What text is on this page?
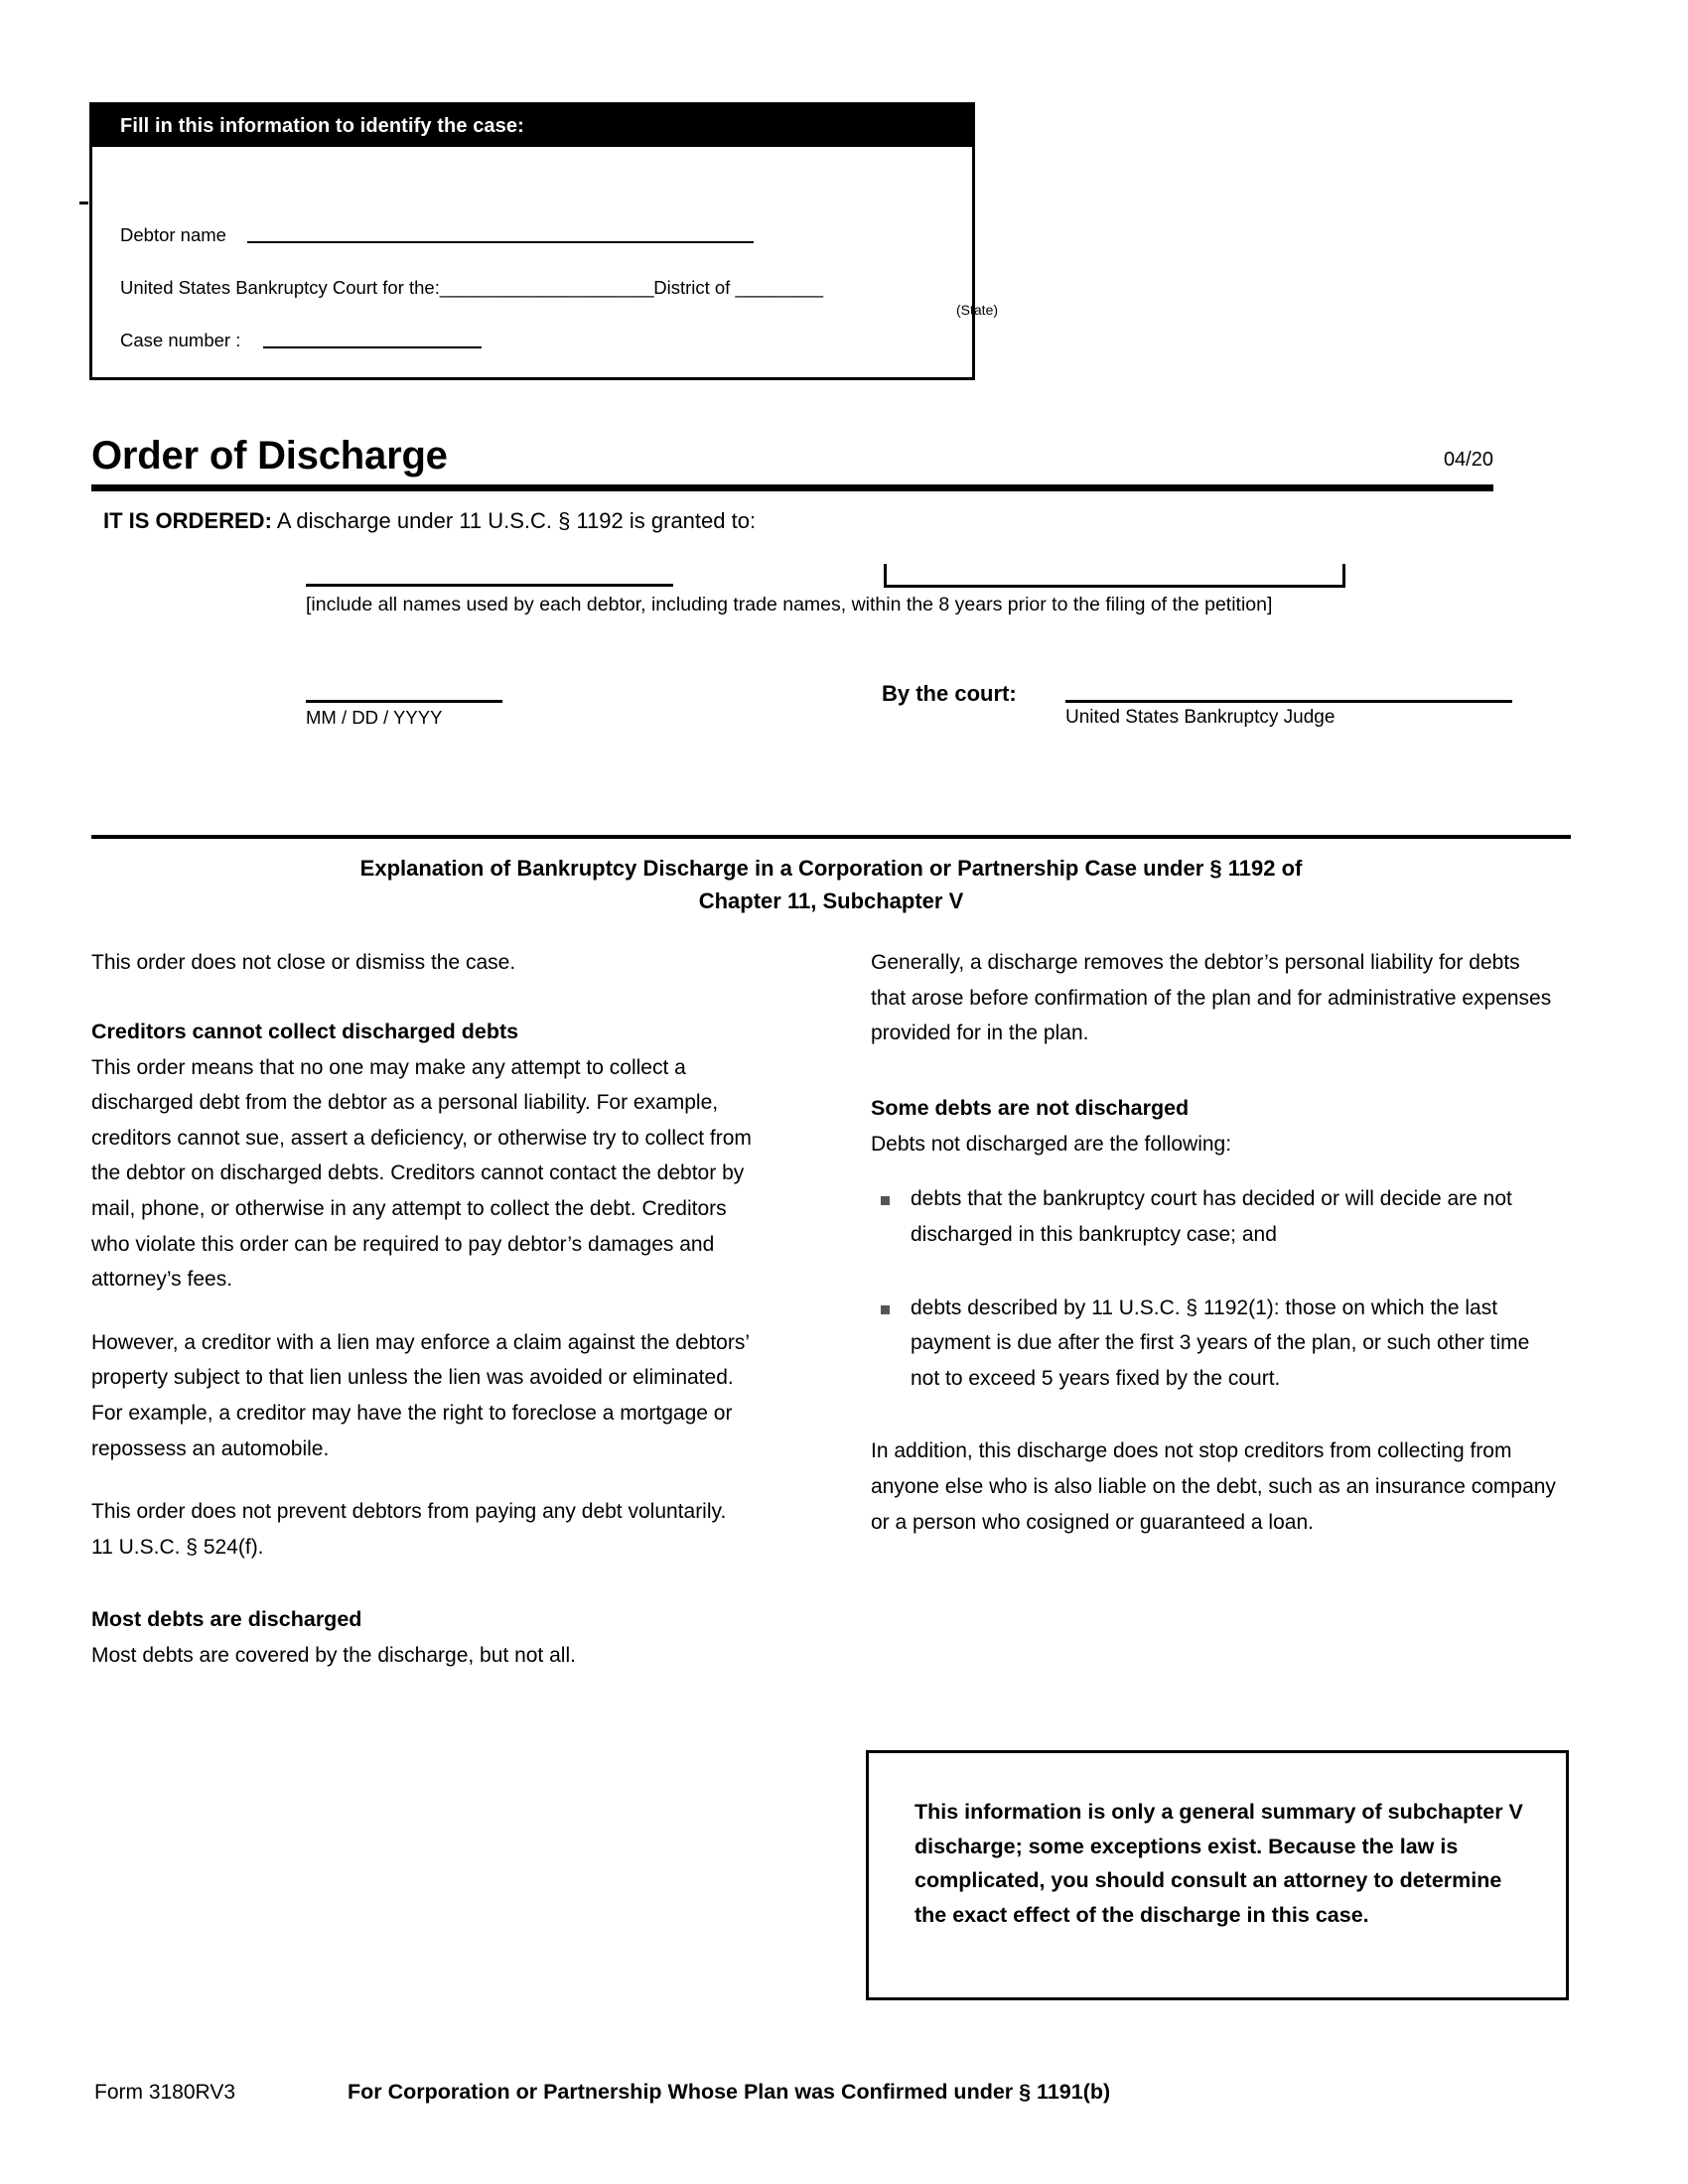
Fill in this information to identify the case:
Debtor name
United States Bankruptcy Court for the:______________________District of _________
(State)
Case number :
Order of Discharge	04/20
IT IS ORDERED: A discharge under 11 U.S.C. § 1192 is granted to:
[include all names used by each debtor, including trade names, within the 8 years prior to the filing of the petition]
MM / DD / YYYY
By the court:
United States Bankruptcy Judge
Explanation of Bankruptcy Discharge in a Corporation or Partnership Case under § 1192 of
Chapter 11, Subchapter V

This order does not close or dismiss the case.

Creditors cannot collect discharged debts

This order means that no one may make any attempt to collect a discharged debt from the debtor as a personal liability. For example, creditors cannot sue, assert a deficiency, or otherwise try to collect from the debtor on discharged debts. Creditors cannot contact the debtor by mail, phone, or otherwise in any attempt to collect the debt. Creditors who violate this order can be required to pay debtor’s damages and attorney’s fees.

However, a creditor with a lien may enforce a claim against the debtors’ property subject to that lien unless the lien was avoided or eliminated. For example, a creditor may have the right to foreclose a mortgage or repossess an automobile.

This order does not prevent debtors from paying any debt voluntarily. 11 U.S.C. § 524(f).

Most debts are discharged

Most debts are covered by the discharge, but not all.

Generally, a discharge removes the debtor’s personal liability for debts that arose before confirmation of the plan and for administrative expenses provided for in the plan.

Some debts are not discharged

Debts not discharged are the following:

debts that the bankruptcy court has decided or will decide are not discharged in this bankruptcy case; and
debts described by 11 U.S.C. § 1192(1): those on which the last payment is due after the first 3 years of the plan, or such other time not to exceed 5 years fixed by the court.

In addition, this discharge does not stop creditors from collecting from anyone else who is also liable on the debt, such as an insurance company or a person who cosigned or guaranteed a loan.

This information is only a general summary of subchapter V discharge; some exceptions exist. Because the law is complicated, you should consult an attorney to determine the exact effect of the discharge in this case.
Form 3180RV3	For Corporation or Partnership Whose Plan was Confirmed under § 1191(b)
